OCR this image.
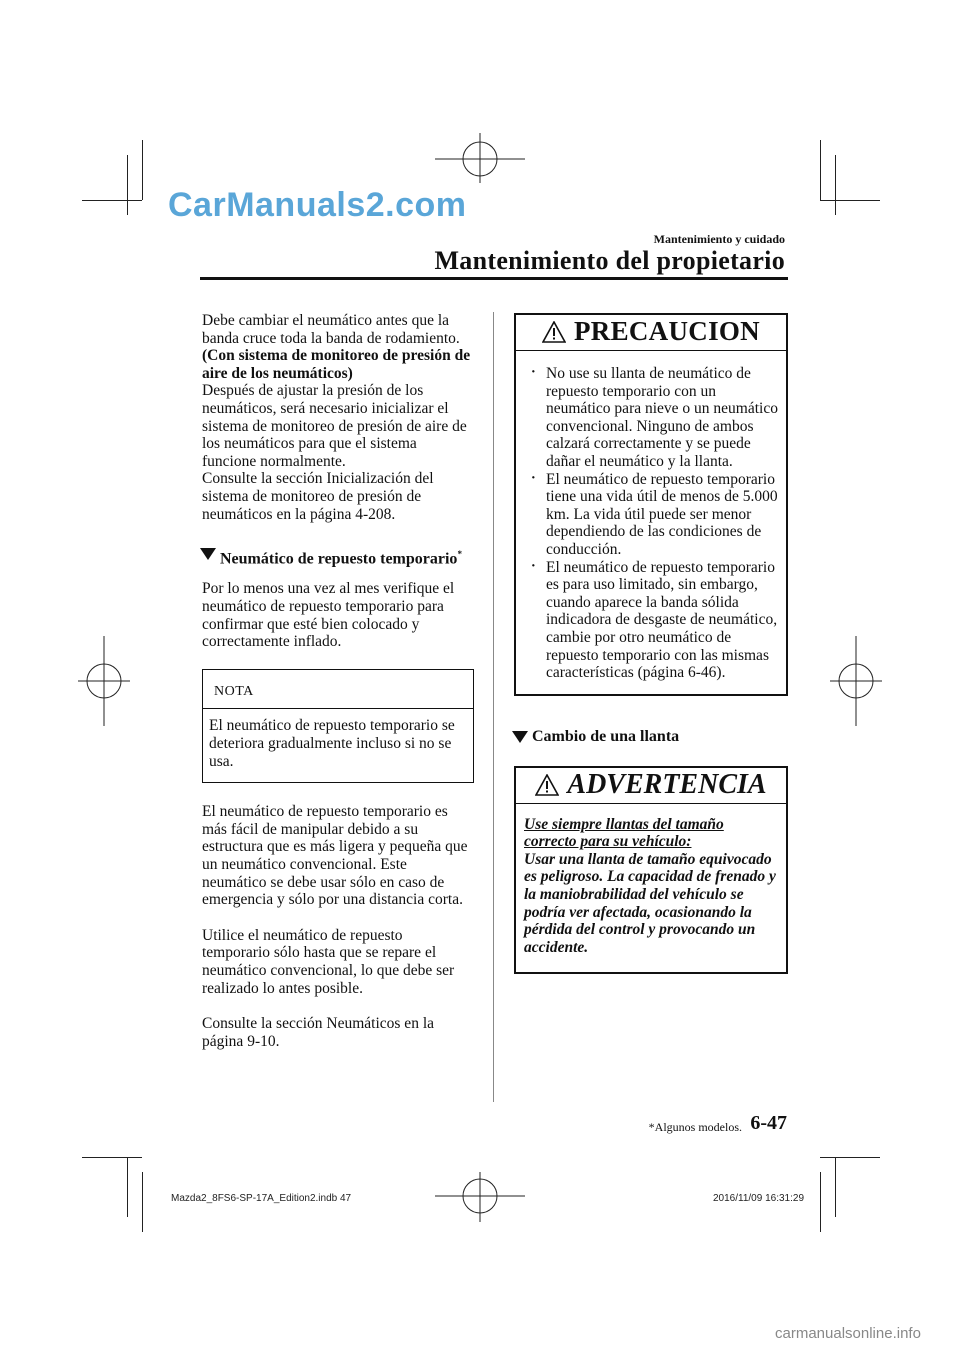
CarManuals2.com
Mantenimiento y cuidado
Mantenimiento del propietario

Debe cambiar el neumático antes que la banda cruce toda la banda de rodamiento.

(Con sistema de monitoreo de presión de aire de los neumáticos)

Después de ajustar la presión de los neumáticos, será necesario inicializar el sistema de monitoreo de presión de aire de los neumáticos para que el sistema funcione normalmente.

Consulte la sección Inicialización del sistema de monitoreo de presión de neumáticos en la página 4-208.

Neumático de repuesto temporario*

Por lo menos una vez al mes verifique el neumático de repuesto temporario para confirmar que esté bien colocado y correctamente inflado.

NOTA
El neumático de repuesto temporario se deteriora gradualmente incluso si no se usa.

El neumático de repuesto temporario es más fácil de manipular debido a su estructura que es más ligera y pequeña que un neumático convencional. Este neumático se debe usar sólo en caso de emergencia y sólo por una distancia corta.

Utilice el neumático de repuesto temporario sólo hasta que se repare el neumático convencional, lo que debe ser realizado lo antes posible.

Consulte la sección Neumáticos en la página 9-10.

PRECAUCION
· No use su llanta de neumático de repuesto temporario con un neumático para nieve o un neumático convencional. Ninguno de ambos calzará correctamente y se puede dañar el neumático y la llanta.
· El neumático de repuesto temporario tiene una vida útil de menos de 5.000 km. La vida útil puede ser menor dependiendo de las condiciones de conducción.
· El neumático de repuesto temporario es para uso limitado, sin embargo, cuando aparece la banda sólida indicadora de desgaste de neumático, cambie por otro neumático de repuesto temporario con las mismas características (página 6-46).
Cambio de una llanta
ADVERTENCIA
Use siempre llantas del tamaño correcto para su vehículo:
Usar una llanta de tamaño equivocado es peligroso. La capacidad de frenado y la maniobrabilidad del vehículo se podría ver afectada, ocasionando la pérdida del control y provocando un accidente.
*Algunos modelos. 6-47
Mazda2_8FS6-SP-17A_Edition2.indb 47	2016/11/09 16:31:29
carmanualsonline.info
